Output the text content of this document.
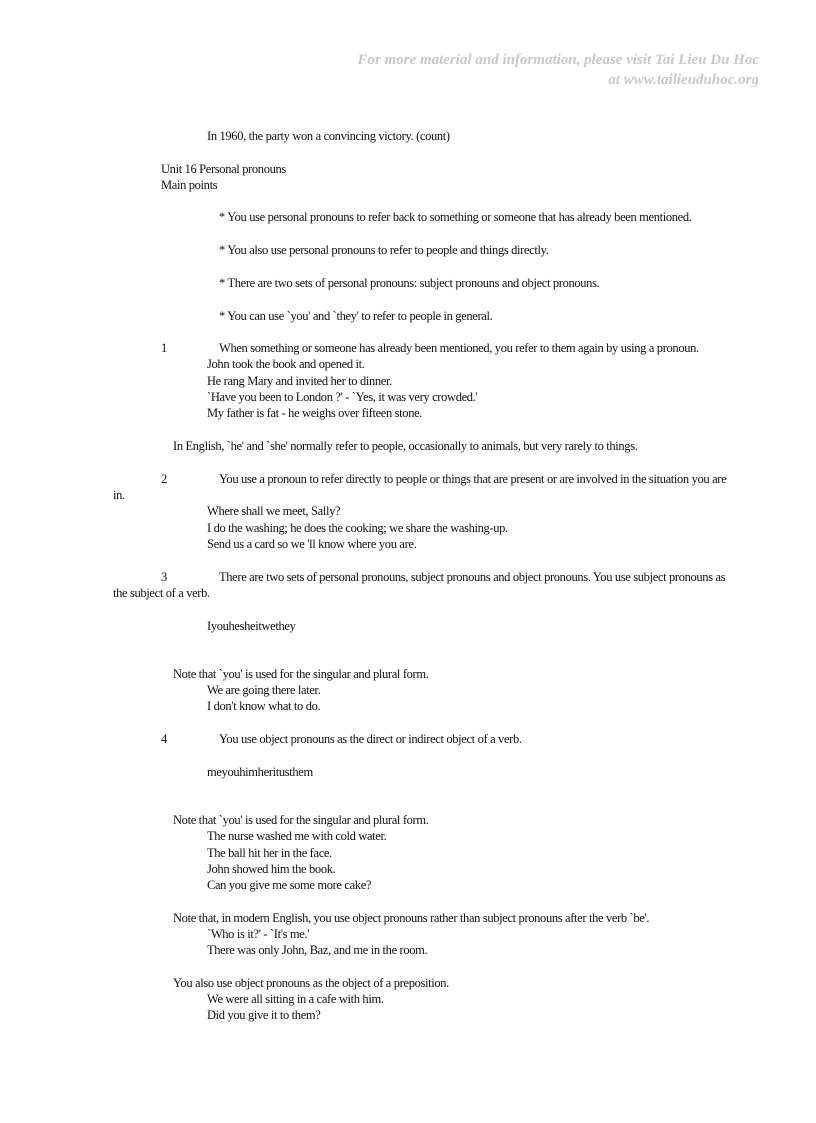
For more material and information, please visit Tai Lieu Du Hoc
at www.tailieuduhoc.org
In 1960, the party won a convincing victory. (count)
Unit 16 Personal pronouns
Main points
* You use personal pronouns to refer back to something or someone that has already been mentioned.
* You also use personal pronouns to refer to people and things directly.
* There are two sets of personal pronouns: subject pronouns and object pronouns.
* You can use `you' and `they' to refer to people in general.
1	When something or someone has already been mentioned, you refer to them again by using a pronoun.
John took the book and opened it.
He rang Mary and invited her to dinner.
`Have you been to London ?' - `Yes, it was very crowded.'
My father is fat - he weighs over fifteen stone.
In English, `he' and `she' normally refer to people, occasionally to animals, but very rarely to things.
2	You use a pronoun to refer directly to people or things that are present or are involved in the situation you are
in.
Where shall we meet, Sally?
I do the washing; he does the cooking; we share the washing-up.
Send us a card so we 'll know where you are.
3	There are two sets of personal pronouns, subject pronouns and object pronouns. You use subject pronouns as
the subject of a verb.
Iyouhesheitwethey
Note that `you' is used for the singular and plural form.
We are going there later.
I don't know what to do.
4	You use object pronouns as the direct or indirect object of a verb.
meyouhimheritusthem
Note that `you' is used for the singular and plural form.
The nurse washed me with cold water.
The ball hit her in the face.
John showed him the book.
Can you give me some more cake?
Note that, in modern English, you use object pronouns rather than subject pronouns after the verb `be'.
`Who is it?' - `It's me.'
There was only John, Baz, and me in the room.
You also use object pronouns as the object of a preposition.
We were all sitting in a cafe with him.
Did you give it to them?
